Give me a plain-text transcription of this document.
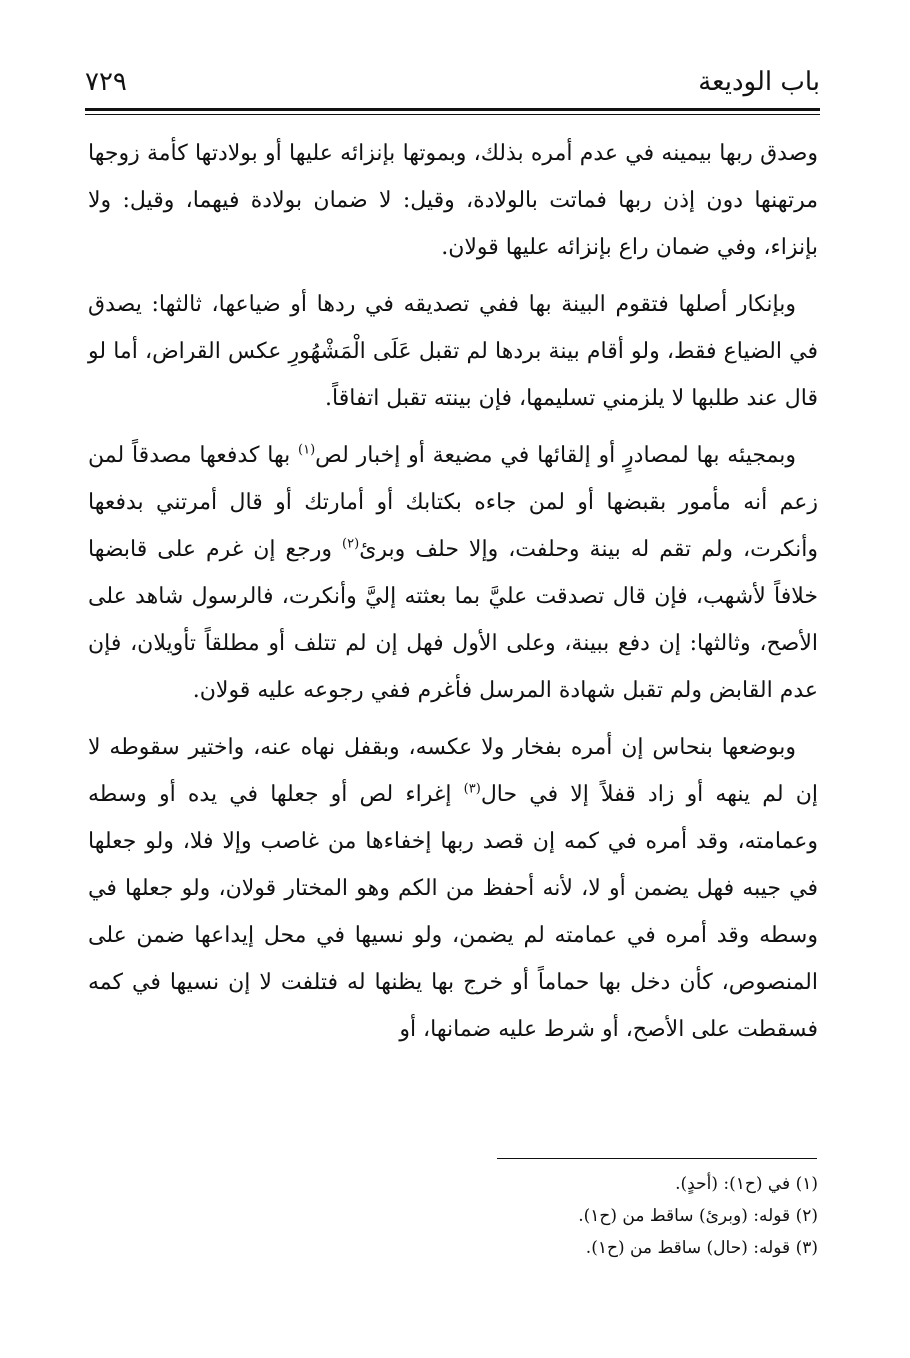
باب الوديعة
٧٢٩

وصدق ربها بيمينه في عدم أمره بذلك، وبموتها بإنزائه عليها أو بولادتها كأمة زوجها مرتهنها دون إذن ربها فماتت بالولادة، وقيل: لا ضمان بولادة فيهما، وقيل: ولا بإنزاء، وفي ضمان راع بإنزائه عليها قولان.

وبإنكار أصلها فتقوم البينة بها ففي تصديقه في ردها أو ضياعها، ثالثها: يصدق في الضياع فقط، ولو أقام بينة بردها لم تقبل عَلَى الْمَشْهُورِ عكس القراض، أما لو قال عند طلبها لا يلزمني تسليمها، فإن بينته تقبل اتفاقاً.

وبمجيئه بها لمصادرٍ أو إلقائها في مضيعة أو إخبار لص$^{(١)}$ بها كدفعها مصدقاً لمن زعم أنه مأمور بقبضها أو لمن جاءه بكتابك أو أمارتك أو قال أمرتني بدفعها وأنكرت، ولم تقم له بينة وحلفت، وإلا حلف وبرئ$^{(٢)}$ ورجع إن غرم على قابضها خلافاً لأشهب، فإن قال تصدقت عليَّ بما بعثته إليَّ وأنكرت، فالرسول شاهد على الأصح، وثالثها: إن دفع ببينة، وعلى الأول فهل إن لم تتلف أو مطلقاً تأويلان، فإن عدم القابض ولم تقبل شهادة المرسل فأغرم ففي رجوعه عليه قولان.

وبوضعها بنحاس إن أمره بفخار ولا عكسه، وبقفل نهاه عنه، واختير سقوطه لا إن لم ينهه أو زاد قفلاً إلا في حال$^{(٣)}$ إغراء لص أو جعلها في يده أو وسطه وعمامته، وقد أمره في كمه إن قصد ربها إخفاءها من غاصب وإلا فلا، ولو جعلها في جيبه فهل يضمن أو لا، لأنه أحفظ من الكم وهو المختار قولان، ولو جعلها في وسطه وقد أمره في عمامته لم يضمن، ولو نسيها في محل إيداعها ضمن على المنصوص، كأن دخل بها حماماً أو خرج بها يظنها له فتلفت لا إن نسيها في كمه فسقطت على الأصح، أو شرط عليه ضمانها، أو

(١) في (ح١): (أحدٍ).
(٢) قوله: (وبرئ) ساقط من (ح١).
(٣) قوله: (حال) ساقط من (ح١).
